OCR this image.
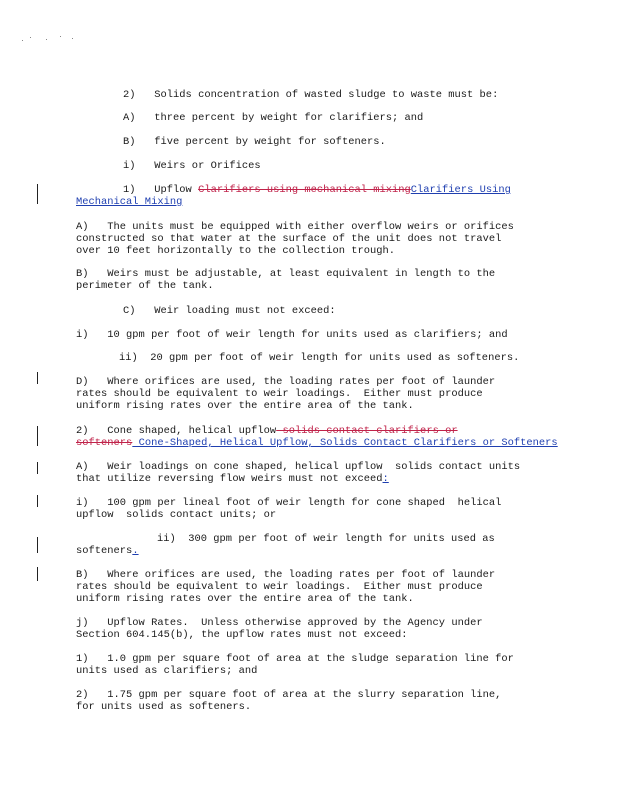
2)   Solids concentration of wasted sludge to waste must be:
A)   three percent by weight for clarifiers; and
B)   five percent by weight for softeners.
i)   Weirs or Orifices
1)   Upflow Clarifiers using mechanical mixingClarifiers Using
Mechanical Mixing
A)   The units must be equipped with either overflow weirs or orifices
constructed so that water at the surface of the unit does not travel
over 10 feet horizontally to the collection trough.
B)   Weirs must be adjustable, at least equivalent in length to the
perimeter of the tank.
C)   Weir loading must not exceed:
i)   10 gpm per foot of weir length for units used as clarifiers; and
ii)  20 gpm per foot of weir length for units used as softeners.
D)   Where orifices are used, the loading rates per foot of launder
rates should be equivalent to weir loadings.  Either must produce
uniform rising rates over the entire area of the tank.
2)   Cone shaped, helical upflow solids contact clarifiers or
softeners Cone-Shaped, Helical Upflow, Solids Contact Clarifiers or Softeners
A)   Weir loadings on cone shaped, helical upflow  solids contact units
that utilize reversing flow weirs must not exceed:
i)   100 gpm per lineal foot of weir length for cone shaped  helical
upflow  solids contact units; or
ii)  300 gpm per foot of weir length for units used as
softeners.
B)   Where orifices are used, the loading rates per foot of launder
rates should be equivalent to weir loadings.  Either must produce
uniform rising rates over the entire area of the tank.
j)   Upflow Rates.  Unless otherwise approved by the Agency under
Section 604.145(b), the upflow rates must not exceed:
1)   1.0 gpm per square foot of area at the sludge separation line for
units used as clarifiers; and
2)   1.75 gpm per square foot of area at the slurry separation line,
for units used as softeners.
